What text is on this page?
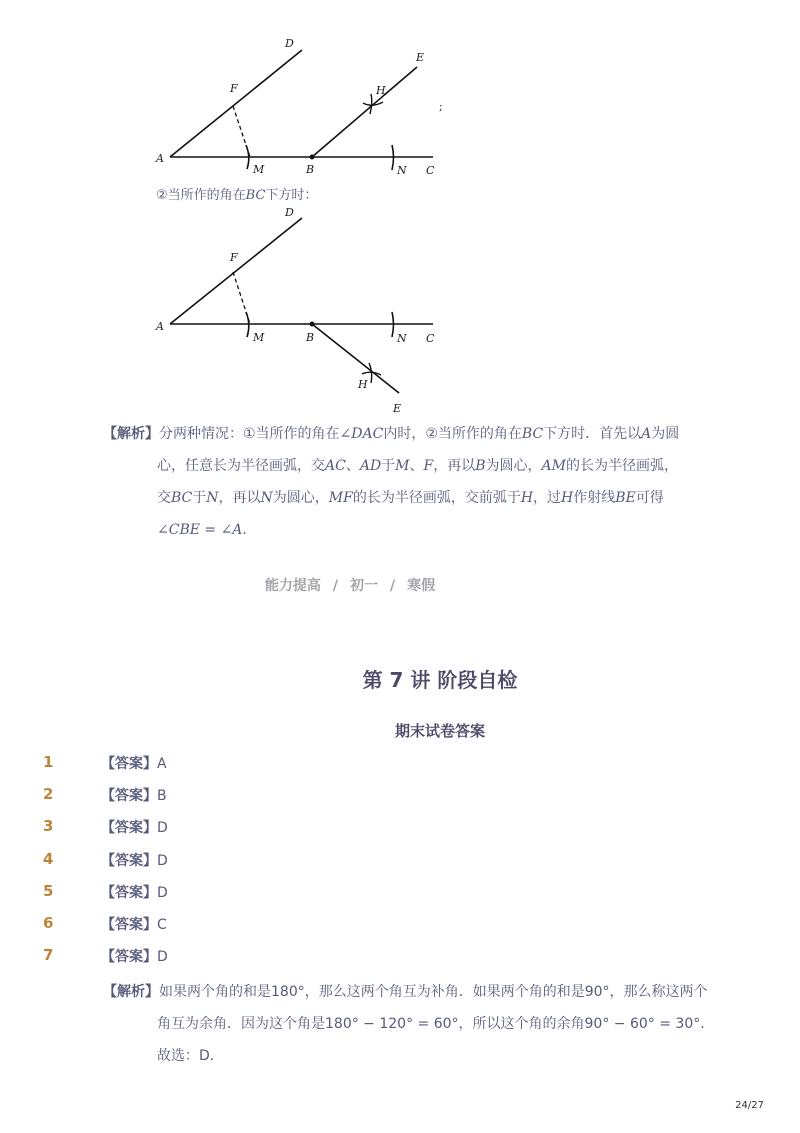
A
D
F
M	B
H
E
N C
;
②当所作的角在BC下方时：
A
D
F
M	B
H
E
N C

【解析】分两种情况：①当所作的角在∠DAC内时，②当所作的角在BC下方时．首先以A为圆

心，任意长为半径画弧，交AC、AD于M、F，再以B为圆心，AM的长为半径画弧，

交BC于N，再以N为圆心，MF的长为半径画弧，交前弧于H，过H作射线BE可得

∠CBE = ∠A.

能力提高 / 初一 / 寒假
第 7 讲 阶段自检
期末试卷答案
1	【答案】A
2	【答案】B
3	【答案】D
4	【答案】D
5	【答案】D
6	【答案】C
7	【答案】D

【解析】如果两个角的和是180°，那么这两个角互为补角．如果两个角的和是90°，那么称这两个

角互为余角．因为这个角是180° − 120° = 60°，所以这个角的余角90° − 60° = 30°.

故选：D．

24/27
